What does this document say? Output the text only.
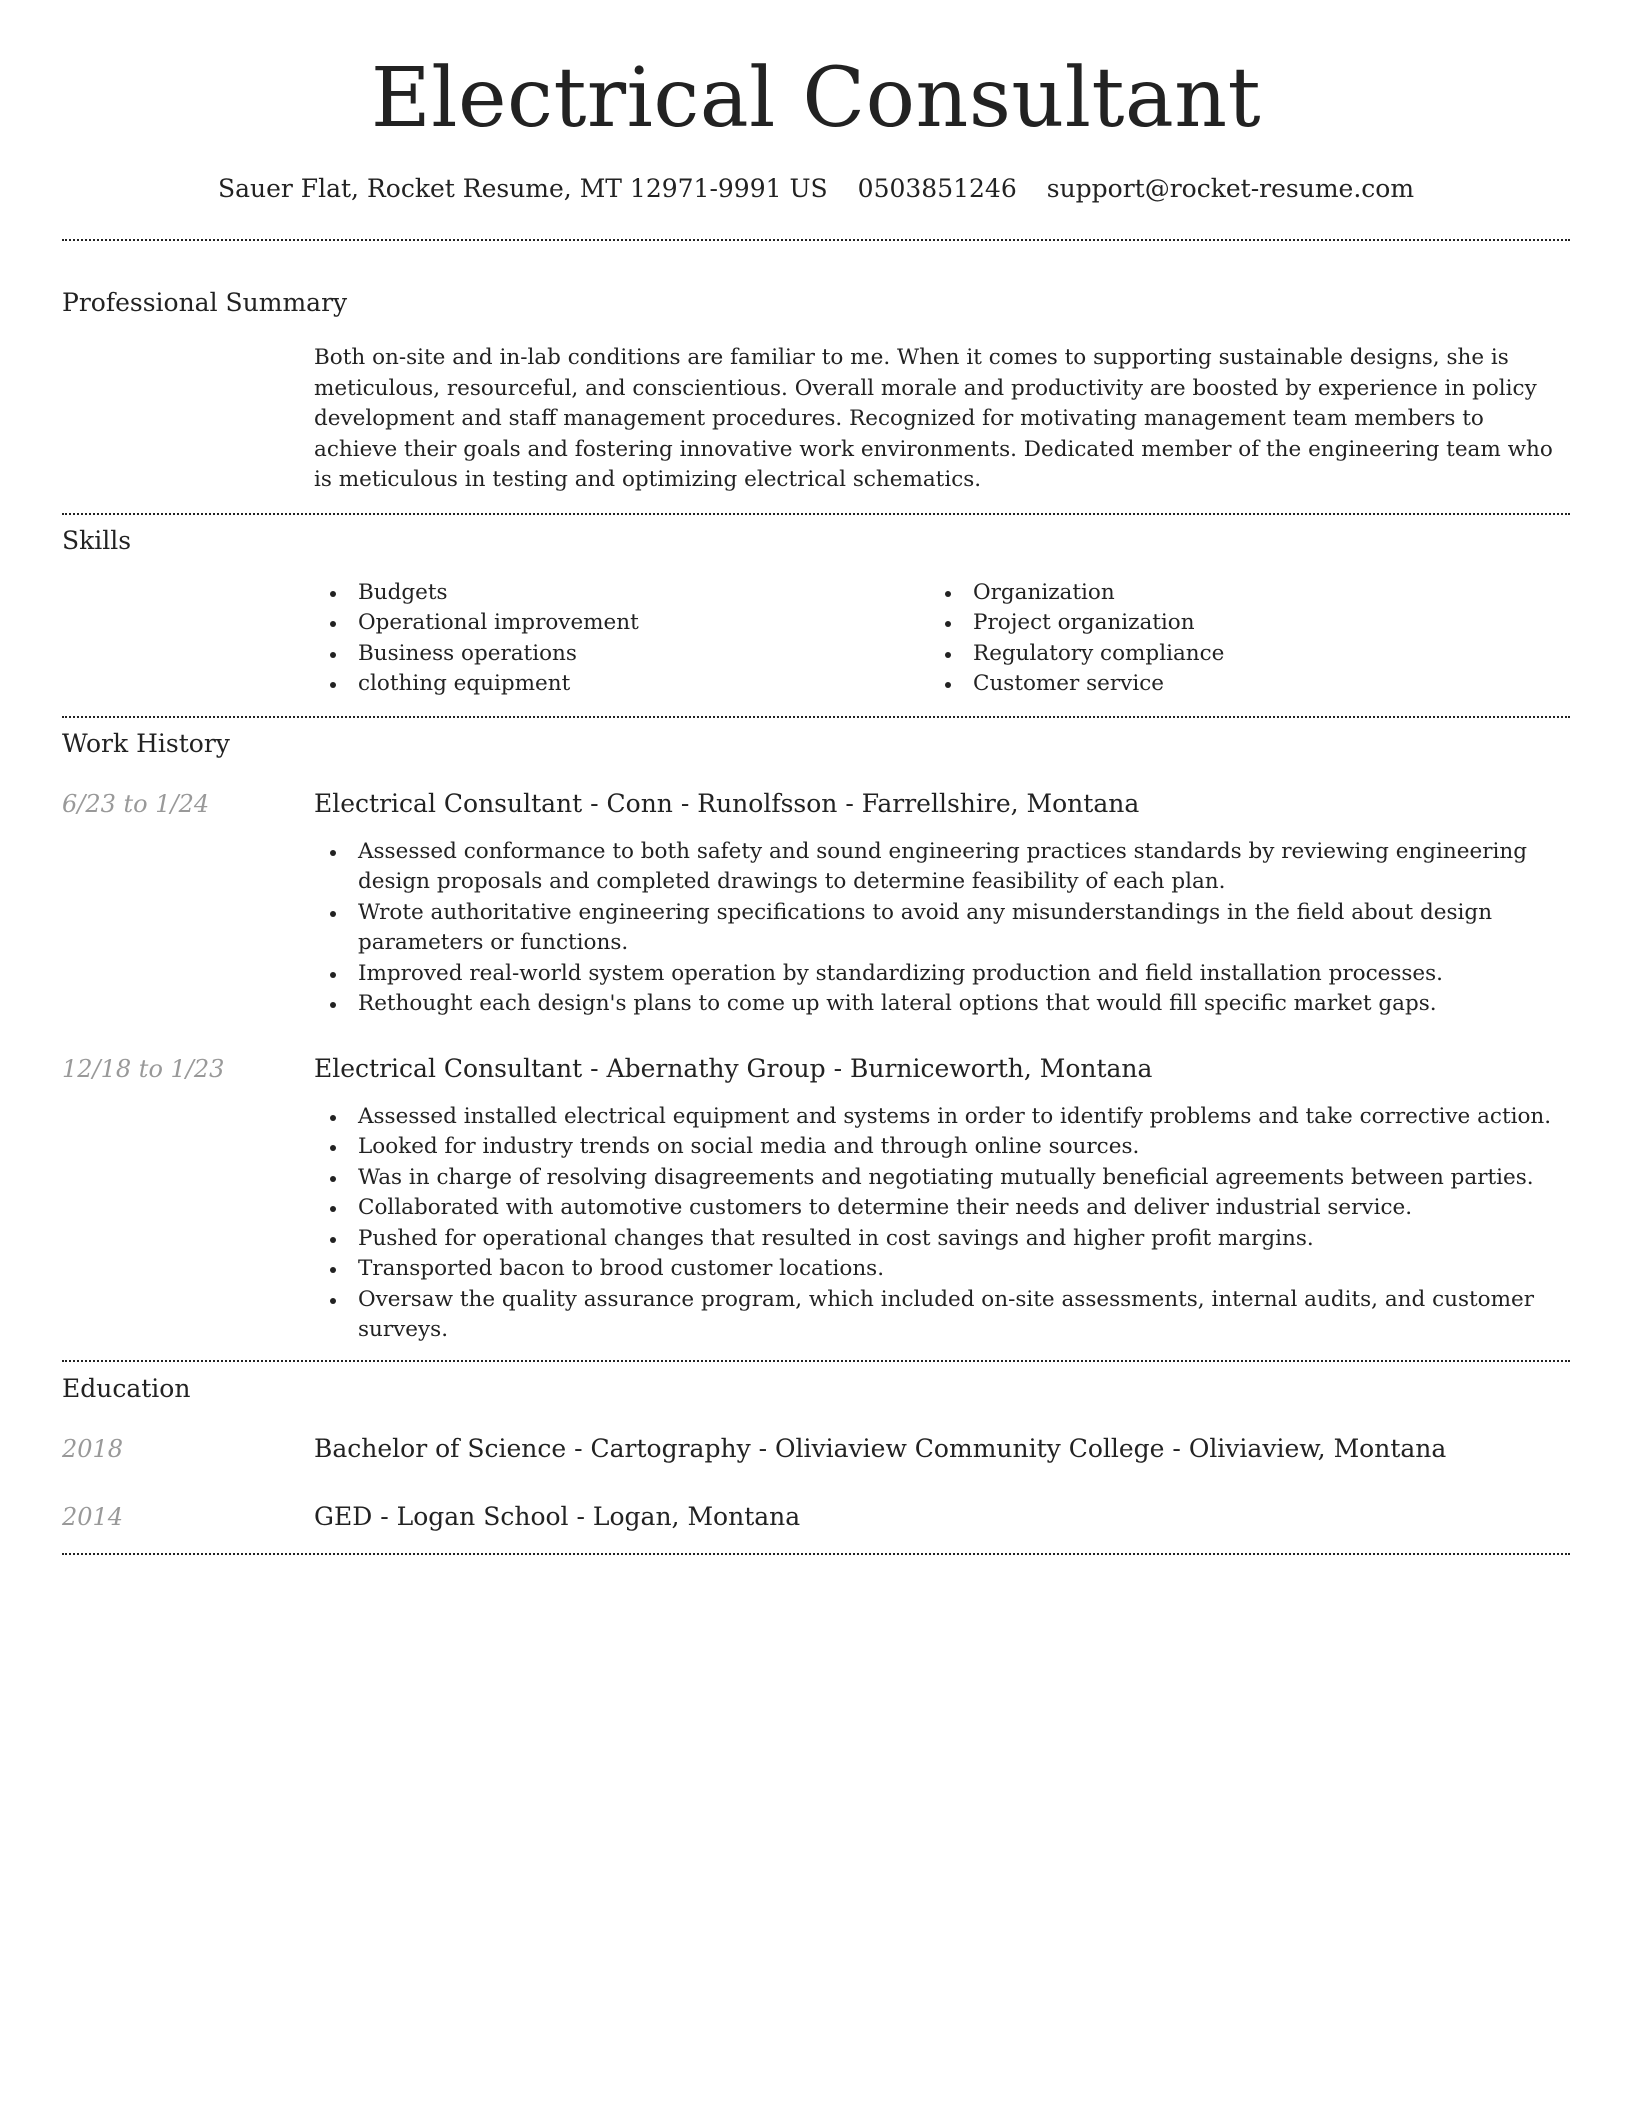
Electrical Consultant
Sauer Flat, Rocket Resume, MT 12971-9991 US 0503851246 support@rocket-resume.com
Professional Summary

Both on-site and in-lab conditions are familiar to me. When it comes to supporting sustainable designs, she is meticulous, resourceful, and conscientious. Overall morale and productivity are boosted by experience in policy development and staff management procedures. Recognized for motivating management team members to achieve their goals and fostering innovative work environments. Dedicated member of the engineering team who is meticulous in testing and optimizing electrical schematics.

Skills
Budgets
Operational improvement
Business operations
clothing equipment
Organization
Project organization
Regulatory compliance
Customer service
Work History
6/23 to 1/24	Electrical Consultant - Conn - Runolfsson - Farrellshire, Montana
Assessed conformance to both safety and sound engineering practices standards by reviewing engineering design proposals and completed drawings to determine feasibility of each plan.
Wrote authoritative engineering specifications to avoid any misunderstandings in the field about design parameters or functions.
Improved real-world system operation by standardizing production and field installation processes.
Rethought each design's plans to come up with lateral options that would fill specific market gaps.
12/18 to 1/23	Electrical Consultant - Abernathy Group - Burniceworth, Montana
Assessed installed electrical equipment and systems in order to identify problems and take corrective action.
Looked for industry trends on social media and through online sources.
Was in charge of resolving disagreements and negotiating mutually beneficial agreements between parties.
Collaborated with automotive customers to determine their needs and deliver industrial service.
Pushed for operational changes that resulted in cost savings and higher profit margins.
Transported bacon to brood customer locations.
Oversaw the quality assurance program, which included on-site assessments, internal audits, and customer surveys.
Education
2018	Bachelor of Science - Cartography - Oliviaview Community College - Oliviaview, Montana
2014	GED - Logan School - Logan, Montana
